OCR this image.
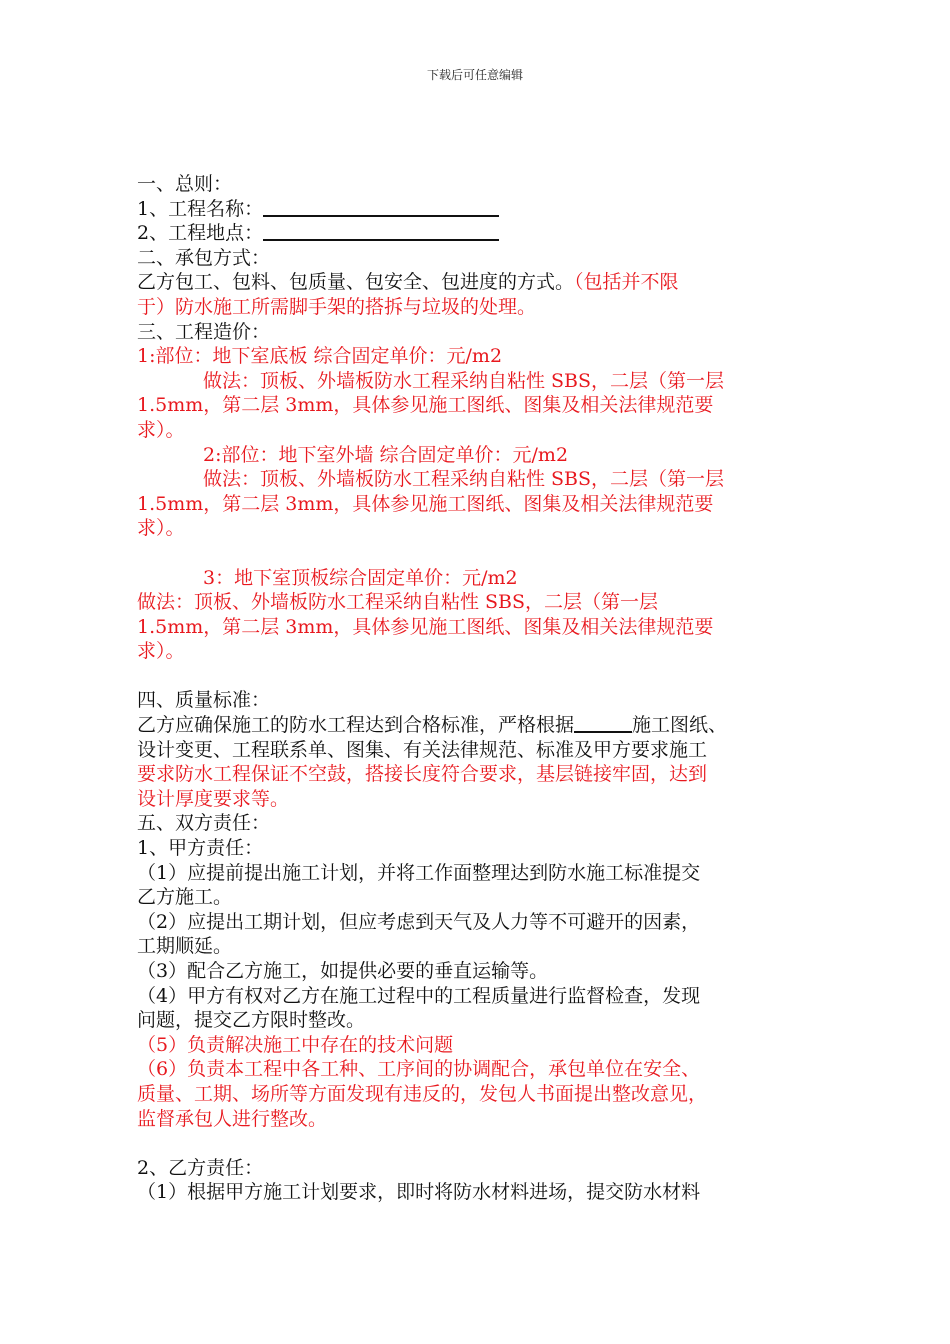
下载后可任意编辑
一、总则：
1、工程名称：
2、工程地点：
二、承包方式：
乙方包工、包料、包质量、包安全、包进度的方式。（包括并不限
于）防水施工所需脚手架的搭拆与垃圾的处理。
三、工程造价：
1:部位：地下室底板 综合固定单价：元/m2
做法：顶板、外墙板防水工程采纳自粘性 SBS，二层（第一层
1.5mm，第二层 3mm，具体参见施工图纸、图集及相关法律规范要
求）。
2:部位：地下室外墙 综合固定单价：元/m2
做法：顶板、外墙板防水工程采纳自粘性 SBS，二层（第一层
1.5mm，第二层 3mm，具体参见施工图纸、图集及相关法律规范要
求）。
3：地下室顶板综合固定单价：元/m2
做法：顶板、外墙板防水工程采纳自粘性 SBS，二层（第一层
1.5mm，第二层 3mm，具体参见施工图纸、图集及相关法律规范要
求）。
四、质量标准：
乙方应确保施工的防水工程达到合格标准，严格根据	施工图纸、
设计变更、工程联系单、图集、有关法律规范、标准及甲方要求施工
要求防水工程保证不空鼓，搭接长度符合要求，基层链接牢固，达到
设计厚度要求等。
五、双方责任：
1、甲方责任：
（1）应提前提出施工计划，并将工作面整理达到防水施工标准提交
乙方施工。
（2）应提出工期计划，但应考虑到天气及人力等不可避开的因素，
工期顺延。
（3）配合乙方施工，如提供必要的垂直运输等。
（4）甲方有权对乙方在施工过程中的工程质量进行监督检查，发现
问题，提交乙方限时整改。
（5）负责解决施工中存在的技术问题
（6）负责本工程中各工种、工序间的协调配合，承包单位在安全、
质量、工期、场所等方面发现有违反的，发包人书面提出整改意见，
监督承包人进行整改。
2、乙方责任：
（1）根据甲方施工计划要求，即时将防水材料进场，提交防水材料
